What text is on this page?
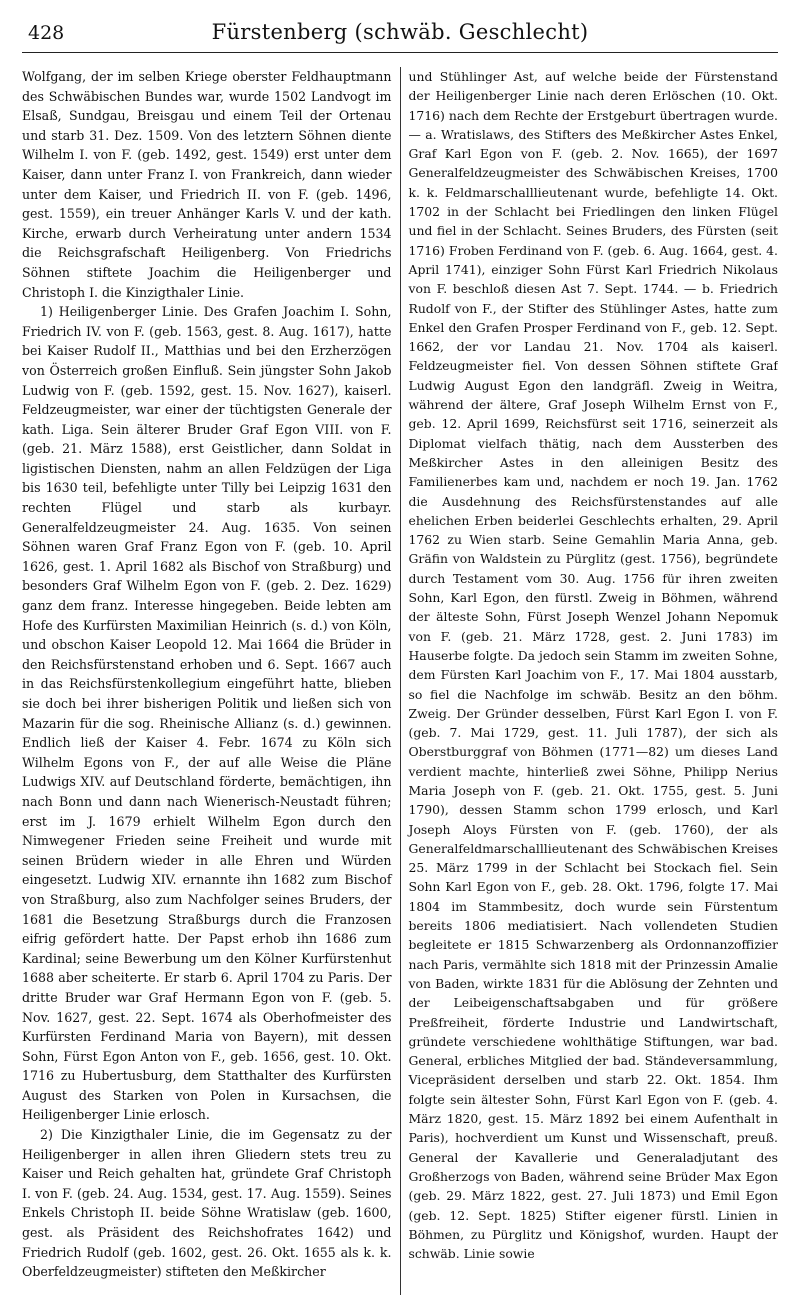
428	Fürstenberg (schwäb. Geschlecht)

Wolfgang, der im selben Kriege oberster Feldhauptmann des Schwäbischen Bundes war, wurde 1502 Landvogt im Elsaß, Sundgau, Breisgau und einem Teil der Ortenau und starb 31. Dez. 1509. Von des letztern Söhnen diente Wilhelm I. von F. (geb. 1492, gest. 1549) erst unter dem Kaiser, dann unter Franz I. von Frankreich, dann wieder unter dem Kaiser, und Friedrich II. von F. (geb. 1496, gest. 1559), ein treuer Anhänger Karls V. und der kath. Kirche, erwarb durch Verheiratung unter andern 1534 die Reichsgrafschaft Heiligenberg. Von Friedrichs Söhnen stiftete Joachim die Heiligenberger und Christoph I. die Kinzigthaler Linie.

1) Heiligenberger Linie. Des Grafen Joachim I. Sohn, Friedrich IV. von F. (geb. 1563, gest. 8. Aug. 1617), hatte bei Kaiser Rudolf II., Matthias und bei den Erzherzögen von Österreich großen Einfluß. Sein jüngster Sohn Jakob Ludwig von F. (geb. 1592, gest. 15. Nov. 1627), kaiserl. Feldzeugmeister, war einer der tüchtigsten Generale der kath. Liga. Sein älterer Bruder Graf Egon VIII. von F. (geb. 21. März 1588), erst Geistlicher, dann Soldat in ligistischen Diensten, nahm an allen Feldzügen der Liga bis 1630 teil, befehligte unter Tilly bei Leipzig 1631 den rechten Flügel und starb als kurbayr. Generalfeldzeugmeister 24. Aug. 1635. Von seinen Söhnen waren Graf Franz Egon von F. (geb. 10. April 1626, gest. 1. April 1682 als Bischof von Straßburg) und besonders Graf Wilhelm Egon von F. (geb. 2. Dez. 1629) ganz dem franz. Interesse hingegeben. Beide lebten am Hofe des Kurfürsten Maximilian Heinrich (s. d.) von Köln, und obschon Kaiser Leopold 12. Mai 1664 die Brüder in den Reichsfürstenstand erhoben und 6. Sept. 1667 auch in das Reichsfürstenkollegium eingeführt hatte, blieben sie doch bei ihrer bisherigen Politik und ließen sich von Mazarin für die sog. Rheinische Allianz (s. d.) gewinnen. Endlich ließ der Kaiser 4. Febr. 1674 zu Köln sich Wilhelm Egons von F., der auf alle Weise die Pläne Ludwigs XIV. auf Deutschland förderte, bemächtigen, ihn nach Bonn und dann nach Wienerisch-Neustadt führen; erst im J. 1679 erhielt Wilhelm Egon durch den Nimwegener Frieden seine Freiheit und wurde mit seinen Brüdern wieder in alle Ehren und Würden eingesetzt. Ludwig XIV. ernannte ihn 1682 zum Bischof von Straßburg, also zum Nachfolger seines Bruders, der 1681 die Besetzung Straßburgs durch die Franzosen eifrig gefördert hatte. Der Papst erhob ihn 1686 zum Kardinal; seine Bewerbung um den Kölner Kurfürstenhut 1688 aber scheiterte. Er starb 6. April 1704 zu Paris. Der dritte Bruder war Graf Hermann Egon von F. (geb. 5. Nov. 1627, gest. 22. Sept. 1674 als Oberhofmeister des Kurfürsten Ferdinand Maria von Bayern), mit dessen Sohn, Fürst Egon Anton von F., geb. 1656, gest. 10. Okt. 1716 zu Hubertusburg, dem Statthalter des Kurfürsten August des Starken von Polen in Kursachsen, die Heiligenberger Linie erlosch.

2) Die Kinzigthaler Linie, die im Gegensatz zu der Heiligenberger in allen ihren Gliedern stets treu zu Kaiser und Reich gehalten hat, gründete Graf Christoph I. von F. (geb. 24. Aug. 1534, gest. 17. Aug. 1559). Seines Enkels Christoph II. beide Söhne Wratislaw (geb. 1600, gest. als Präsident des Reichshofrates 1642) und Friedrich Rudolf (geb. 1602, gest. 26. Okt. 1655 als k. k. Oberfeldzeugmeister) stifteten den Meßkircher

und Stühlinger Ast, auf welche beide der Fürstenstand der Heiligenberger Linie nach deren Erlöschen (10. Okt. 1716) nach dem Rechte der Erstgeburt übertragen wurde. — a. Wratislaws, des Stifters des Meßkircher Astes Enkel, Graf Karl Egon von F. (geb. 2. Nov. 1665), der 1697 Generalfeldzeugmeister des Schwäbischen Kreises, 1700 k. k. Feldmarschalllieutenant wurde, befehligte 14. Okt. 1702 in der Schlacht bei Friedlingen den linken Flügel und fiel in der Schlacht. Seines Bruders, des Fürsten (seit 1716) Froben Ferdinand von F. (geb. 6. Aug. 1664, gest. 4. April 1741), einziger Sohn Fürst Karl Friedrich Nikolaus von F. beschloß diesen Ast 7. Sept. 1744. — b. Friedrich Rudolf von F., der Stifter des Stühlinger Astes, hatte zum Enkel den Grafen Prosper Ferdinand von F., geb. 12. Sept. 1662, der vor Landau 21. Nov. 1704 als kaiserl. Feldzeugmeister fiel. Von dessen Söhnen stiftete Graf Ludwig August Egon den landgräfl. Zweig in Weitra, während der ältere, Graf Joseph Wilhelm Ernst von F., geb. 12. April 1699, Reichsfürst seit 1716, seinerzeit als Diplomat vielfach thätig, nach dem Aussterben des Meßkircher Astes in den alleinigen Besitz des Familienerbes kam und, nachdem er noch 19. Jan. 1762 die Ausdehnung des Reichsfürstenstandes auf alle ehelichen Erben beiderlei Geschlechts erhalten, 29. April 1762 zu Wien starb. Seine Gemahlin Maria Anna, geb. Gräfin von Waldstein zu Pürglitz (gest. 1756), begründete durch Testament vom 30. Aug. 1756 für ihren zweiten Sohn, Karl Egon, den fürstl. Zweig in Böhmen, während der älteste Sohn, Fürst Joseph Wenzel Johann Nepomuk von F. (geb. 21. März 1728, gest. 2. Juni 1783) im Hauserbe folgte. Da jedoch sein Stamm im zweiten Sohne, dem Fürsten Karl Joachim von F., 17. Mai 1804 ausstarb, so fiel die Nachfolge im schwäb. Besitz an den böhm. Zweig. Der Gründer desselben, Fürst Karl Egon I. von F. (geb. 7. Mai 1729, gest. 11. Juli 1787), der sich als Oberstburggraf von Böhmen (1771—82) um dieses Land verdient machte, hinterließ zwei Söhne, Philipp Nerius Maria Joseph von F. (geb. 21. Okt. 1755, gest. 5. Juni 1790), dessen Stamm schon 1799 erlosch, und Karl Joseph Aloys Fürsten von F. (geb. 1760), der als Generalfeldmarschalllieutenant des Schwäbischen Kreises 25. März 1799 in der Schlacht bei Stockach fiel. Sein Sohn Karl Egon von F., geb. 28. Okt. 1796, folgte 17. Mai 1804 im Stammbesitz, doch wurde sein Fürstentum bereits 1806 mediatisiert. Nach vollendeten Studien begleitete er 1815 Schwarzenberg als Ordonnanzoffizier nach Paris, vermählte sich 1818 mit der Prinzessin Amalie von Baden, wirkte 1831 für die Ablösung der Zehnten und der Leibeigenschaftsabgaben und für größere Preßfreiheit, förderte Industrie und Landwirtschaft, gründete verschiedene wohlthätige Stiftungen, war bad. General, erbliches Mitglied der bad. Ständeversammlung, Vicepräsident derselben und starb 22. Okt. 1854. Ihm folgte sein ältester Sohn, Fürst Karl Egon von F. (geb. 4. März 1820, gest. 15. März 1892 bei einem Aufenthalt in Paris), hochverdient um Kunst und Wissenschaft, preuß. General der Kavallerie und Generaladjutant des Großherzogs von Baden, während seine Brüder Max Egon (geb. 29. März 1822, gest. 27. Juli 1873) und Emil Egon (geb. 12. Sept. 1825) Stifter eigener fürstl. Linien in Böhmen, zu Pürglitz und Königshof, wurden. Haupt der schwäb. Linie sowie
